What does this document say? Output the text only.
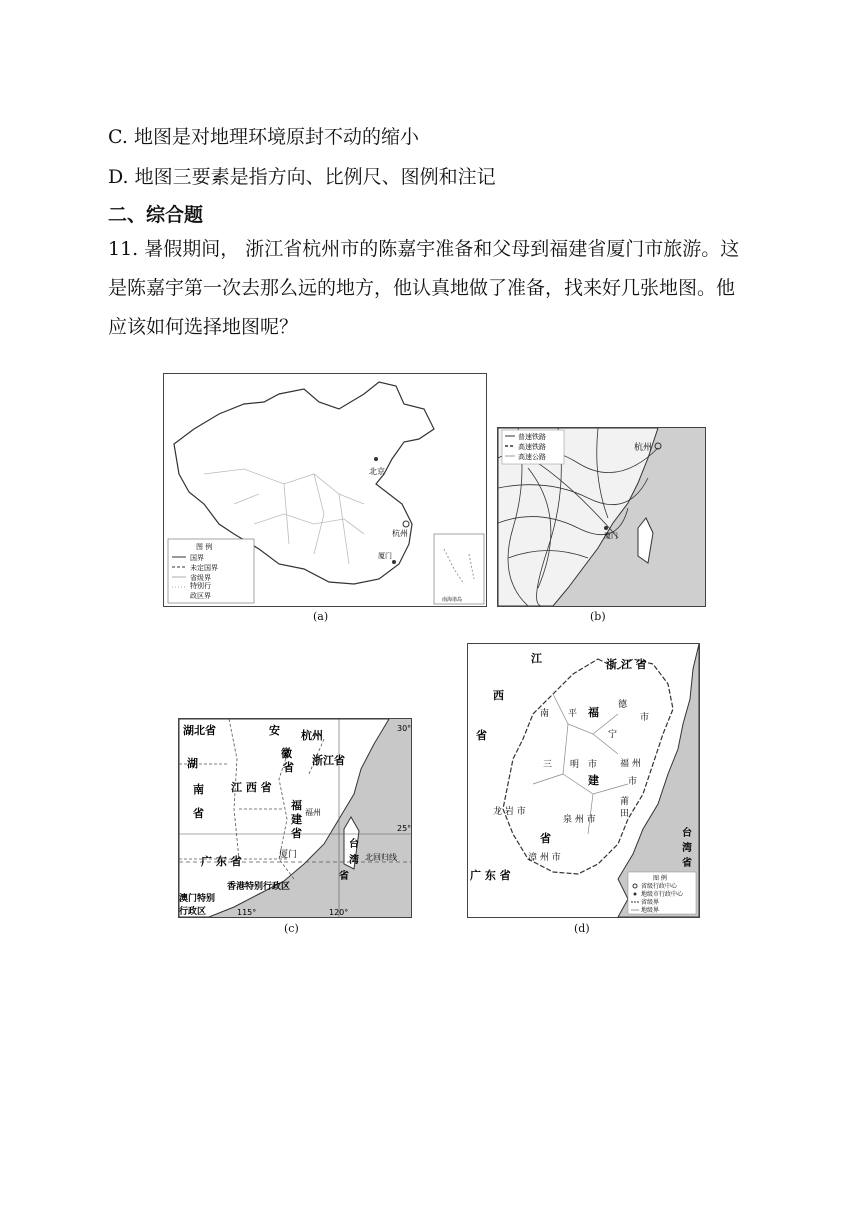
C. 地图是对地理环境原封不动的缩小
D. 地图三要素是指方向、比例尺、图例和注记
二、综合题
11. 暑假期间， 浙江省杭州市的陈嘉宇准备和父母到福建省厦门市旅游。这
是陈嘉宇第一次去那么远的地方，他认真地做了准备，找来好几张地图。他
应该如何选择地图呢？
北京
杭州
厦门
图 例
国界
未定国界
省级界
特别行
政区界	南海诸岛
(a)
普速铁路
高速铁路
高速公路
杭州
厦门
(b)
湖北省	安
徽
省
杭州
浙江省
湖
南
省
江 西 省
福
建
省
福州
厦门
广 东 省
台
湾
省
香港特别行政区
澳门特别
行政区
北回归线
30°
25°
115°	120°
(c)
江
西
省
浙 江 省
南 平 福
宁
德
市
三 明 市
建
福 州
市
莆
田
龙 岩 市
泉 州 市
省
漳 州 市
广 东 省
台
湾
省
图 例
省级行政中心
地级市行政中心
省级界
地级界
(d)
